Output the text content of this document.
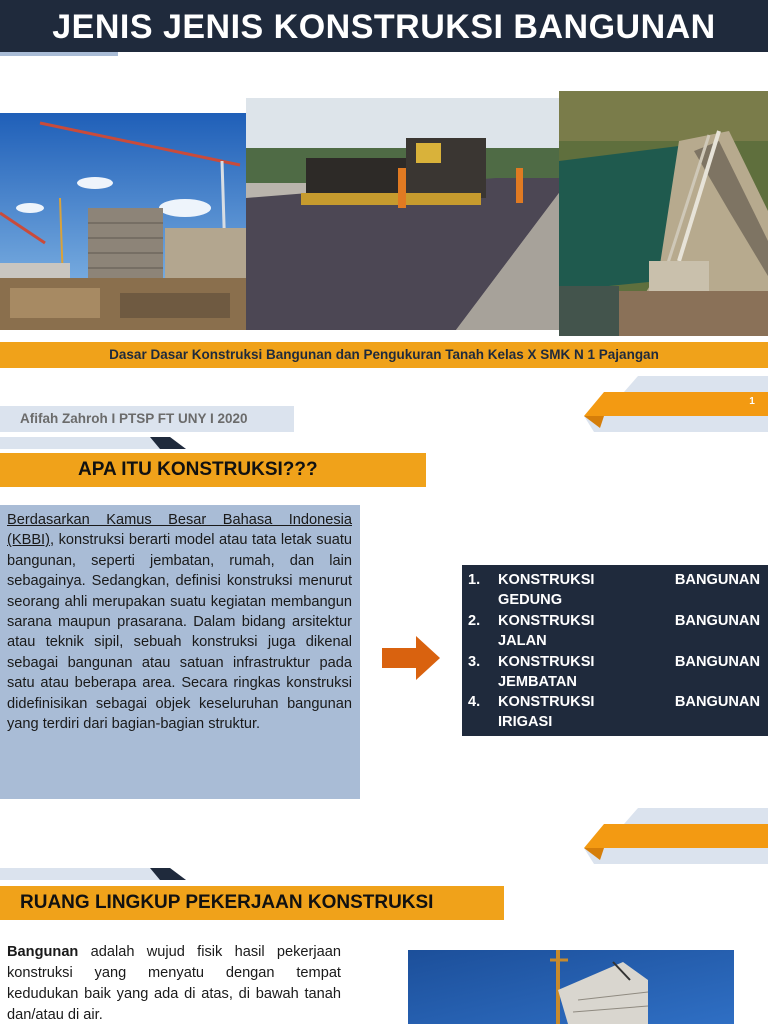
JENIS JENIS KONSTRUKSI BANGUNAN
Dasar Dasar Konstruksi Bangunan dan Pengukuran Tanah Kelas X SMK N 1 Pajangan
Afifah Zahroh I PTSP FT UNY I 2020
1
APA ITU KONSTRUKSI???
Berdasarkan Kamus Besar Bahasa Indonesia (KBBI), konstruksi berarti model atau tata letak suatu bangunan, seperti jembatan, rumah, dan lain sebagainya. Sedangkan, definisi konstruksi menurut seorang ahli merupakan suatu kegiatan membangun sarana maupun prasarana. Dalam bidang arsitektur atau teknik sipil, sebuah konstruksi juga dikenal sebagai bangunan atau satuan infrastruktur pada satu atau beberapa area. Secara ringkas konstruksi didefinisikan sebagai objek keseluruhan bangunan yang terdiri dari bagian-bagian struktur.
1.	KONSTRUKSI	BANGUNAN
GEDUNG
2.	KONSTRUKSI	BANGUNAN
JALAN
3.	KONSTRUKSI	BANGUNAN
JEMBATAN
4.	KONSTRUKSI	BANGUNAN
IRIGASI
RUANG LINGKUP PEKERJAAN KONSTRUKSI
Bangunan adalah wujud fisik hasil pekerjaan konstruksi yang menyatu dengan tempat kedudukan baik yang ada di atas, di bawah tanah dan/atau di air.
